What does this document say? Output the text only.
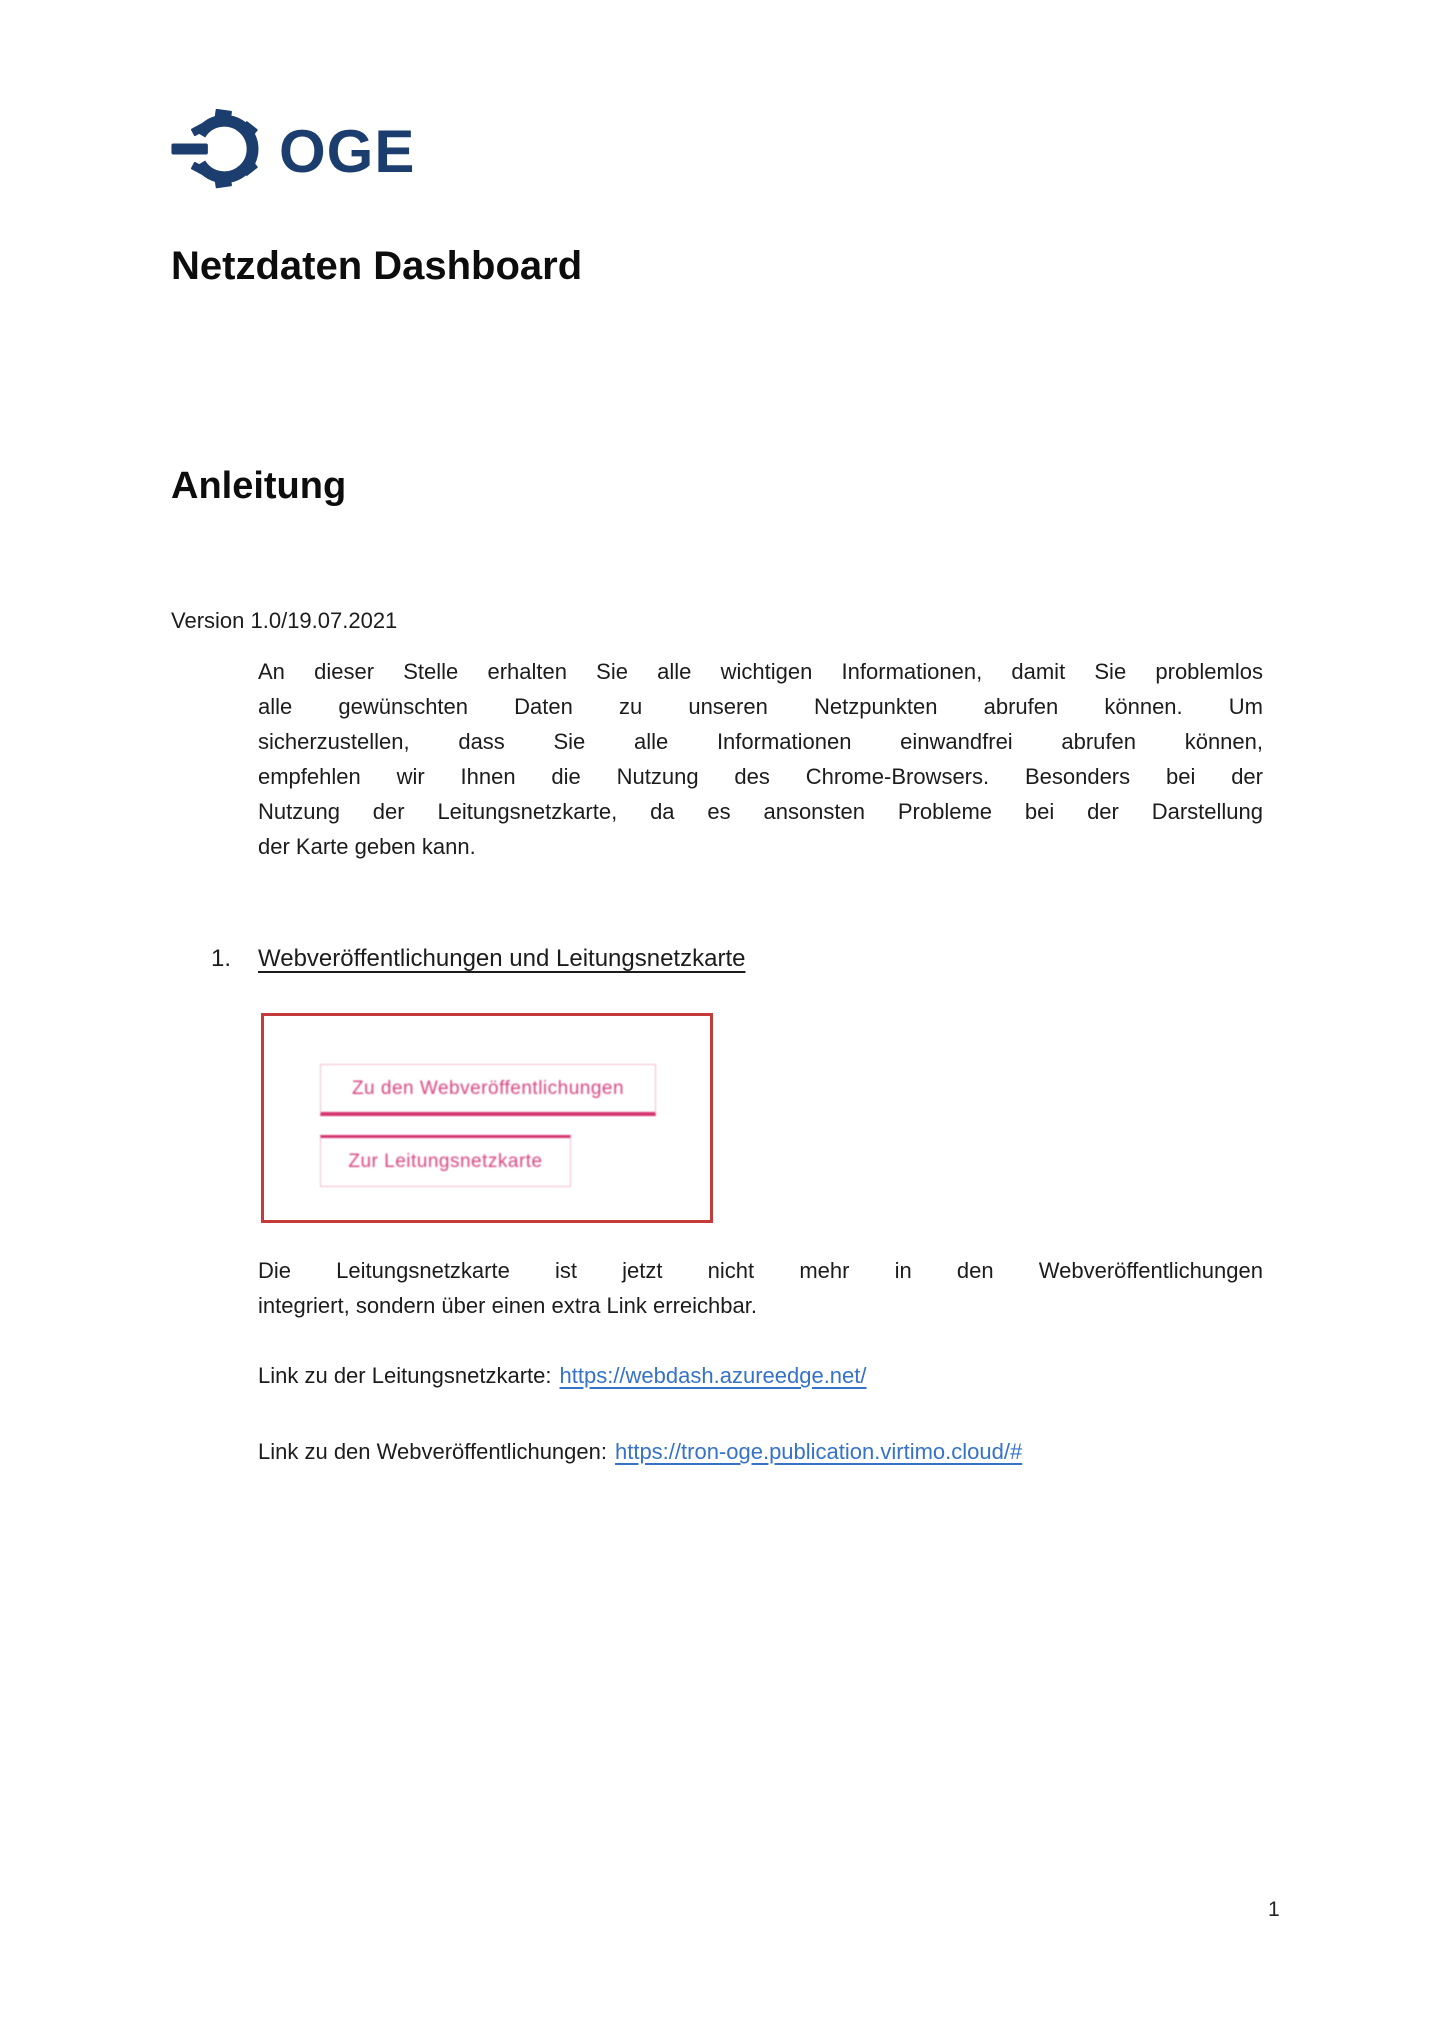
OGE
Netzdaten Dashboard
Anleitung
Version 1.0/19.07.2021
An dieser Stelle erhalten Sie alle wichtigen Informationen, damit Sie problemlos
alle gewünschten Daten zu unseren Netzpunkten abrufen können. Um
sicherzustellen, dass Sie alle Informationen einwandfrei abrufen können,
empfehlen wir Ihnen die Nutzung des Chrome-Browsers. Besonders bei der
Nutzung der Leitungsnetzkarte, da es ansonsten Probleme bei der Darstellung
der Karte geben kann.
1. Webveröffentlichungen und Leitungsnetzkarte
Zu den Webveröffentlichungen
Zur Leitungsnetzkarte
Die Leitungsnetzkarte ist jetzt nicht mehr in den Webveröffentlichungen
integriert, sondern über einen extra Link erreichbar.
Link zu der Leitungsnetzkarte: https://webdash.azureedge.net/
Link zu den Webveröffentlichungen: https://tron-oge.publication.virtimo.cloud/#
1
